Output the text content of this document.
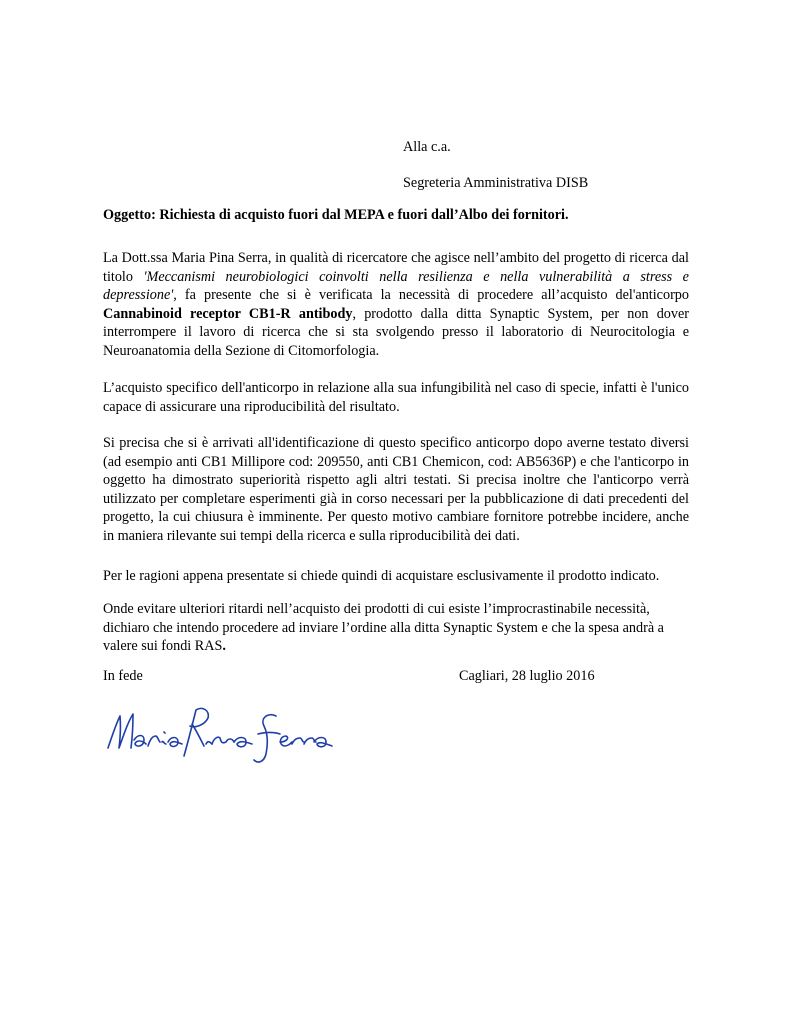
Alla c.a.
Segreteria Amministrativa DISB
Oggetto: Richiesta di acquisto fuori dal MEPA e fuori dall’Albo dei fornitori.

La Dott.ssa Maria Pina Serra, in qualità di ricercatore che agisce nell’ambito del progetto di ricerca dal titolo 'Meccanismi neurobiologici coinvolti nella resilienza e nella vulnerabilità a stress e depressione', fa presente che si è verificata la necessità di procedere all’acquisto del'anticorpo Cannabinoid receptor CB1-R antibody, prodotto dalla ditta Synaptic System, per non dover interrompere il lavoro di ricerca che si sta svolgendo presso il laboratorio di Neurocitologia e Neuroanatomia della Sezione di Citomorfologia.

L’acquisto specifico dell'anticorpo in relazione alla sua infungibilità nel caso di specie, infatti è l'unico capace di assicurare una riproducibilità del risultato.

Si precisa che si è arrivati all'identificazione di questo specifico anticorpo dopo averne testato diversi (ad esempio anti CB1 Millipore cod: 209550, anti CB1 Chemicon, cod: AB5636P) e che l'anticorpo in oggetto ha dimostrato superiorità rispetto agli altri testati. Si precisa inoltre che l'anticorpo verrà utilizzato per completare esperimenti già in corso necessari per la pubblicazione di dati precedenti del progetto, la cui chiusura è imminente. Per questo motivo cambiare fornitore potrebbe incidere, anche in maniera rilevante sui tempi della ricerca e sulla riproducibilità dei dati.

Per le ragioni appena presentate si chiede quindi di acquistare esclusivamente il prodotto indicato.

Onde evitare ulteriori ritardi nell’acquisto dei prodotti di cui esiste l’improcrastinabile necessità, dichiaro che intendo procedere ad inviare l’ordine alla ditta Synaptic System e che la spesa andrà a valere sui fondi RAS.

In fede	Cagliari, 28 luglio 2016
